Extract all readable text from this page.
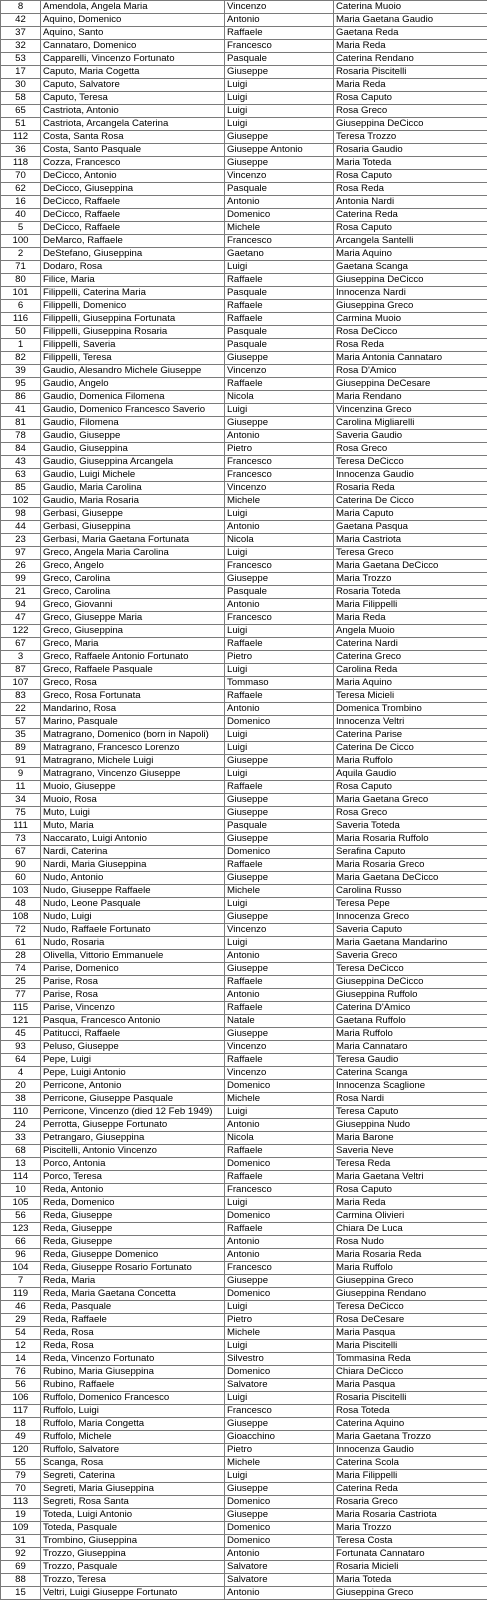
8	Amendola, Angela Maria	Vincenzo	Caterina Muoio
42	Aquino, Domenico	Antonio	Maria Gaetana Gaudio
37	Aquino, Santo	Raffaele	Gaetana Reda
32	Cannataro, Domenico	Francesco	Maria Reda
53	Capparelli, Vincenzo Fortunato	Pasquale	Caterina Rendano
17	Caputo, Maria Cogetta	Giuseppe	Rosaria Piscitelli
30	Caputo, Salvatore	Luigi	Maria Reda
58	Caputo, Teresa	Luigi	Rosa Caputo
65	Castriota, Antonio	Luigi	Rosa Greco
51	Castriota, Arcangela Caterina	Luigi	Giuseppina DeCicco
112	Costa, Santa Rosa	Giuseppe	Teresa Trozzo
36	Costa, Santo Pasquale	Giuseppe Antonio	Rosaria Gaudio
118	Cozza, Francesco	Giuseppe	Maria Toteda
70	DeCicco, Antonio	Vincenzo	Rosa Caputo
62	DeCicco, Giuseppina	Pasquale	Rosa Reda
16	DeCicco, Raffaele	Antonio	Antonia Nardi
40	DeCicco, Raffaele	Domenico	Caterina Reda
5	DeCicco, Raffaele	Michele	Rosa Caputo
100	DeMarco, Raffaele	Francesco	Arcangela Santelli
2	DeStefano, Giuseppina	Gaetano	Maria Aquino
71	Dodaro, Rosa	Luigi	Gaetana Scanga
80	Filice, Maria	Raffaele	Giuseppina DeCicco
101	Filippelli, Caterina Maria	Pasquale	Innocenza Nardi
6	Filippelli, Domenico	Raffaele	Giuseppina Greco
116	Filippelli, Giuseppina Fortunata	Raffaele	Carmina Muoio
50	Filippelli, Giuseppina Rosaria	Pasquale	Rosa DeCicco
1	Filippelli, Saveria	Pasquale	Rosa Reda
82	Filippelli, Teresa	Giuseppe	Maria Antonia Cannataro
39	Gaudio, Alesandro Michele Giuseppe	Vincenzo	Rosa D'Amico
95	Gaudio, Angelo	Raffaele	Giuseppina DeCesare
86	Gaudio, Domenica Filomena	Nicola	Maria Rendano
41	Gaudio, Domenico Francesco Saverio	Luigi	Vincenzina Greco
81	Gaudio, Filomena	Giuseppe	Carolina Migliarelli
78	Gaudio, Giuseppe	Antonio	Saveria Gaudio
84	Gaudio, Giuseppina	Pietro	Rosa Greco
43	Gaudio, Giuseppina Arcangela	Francesco	Teresa DeCicco
63	Gaudio, Luigi Michele	Francesco	Innocenza Gaudio
85	Gaudio, Maria Carolina	Vincenzo	Rosaria Reda
102	Gaudio, Maria Rosaria	Michele	Caterina De Cicco
98	Gerbasi, Giuseppe	Luigi	Maria Caputo
44	Gerbasi, Giuseppina	Antonio	Gaetana Pasqua
23	Gerbasi, Maria Gaetana Fortunata	Nicola	Maria Castriota
97	Greco, Angela Maria Carolina	Luigi	Teresa Greco
26	Greco, Angelo	Francesco	Maria Gaetana DeCicco
99	Greco, Carolina	Giuseppe	Maria Trozzo
21	Greco, Carolina	Pasquale	Rosaria Toteda
94	Greco, Giovanni	Antonio	Maria Filippelli
47	Greco, Giuseppe Maria	Francesco	Maria Reda
122	Greco, Giuseppina	Luigi	Angela Muoio
67	Greco, Maria	Raffaele	Caterina Nardi
3	Greco, Raffaele Antonio Fortunato	Pietro	Caterina Greco
87	Greco, Raffaele Pasquale	Luigi	Carolina Reda
107	Greco, Rosa	Tommaso	Maria Aquino
83	Greco, Rosa Fortunata	Raffaele	Teresa Micieli
22	Mandarino, Rosa	Antonio	Domenica Trombino
57	Marino, Pasquale	Domenico	Innocenza Veltri
35	Matragrano, Domenico (born in Napoli)	Luigi	Caterina Parise
89	Matragrano, Francesco Lorenzo	Luigi	Caterina De Cicco
91	Matragrano, Michele Luigi	Giuseppe	Maria Ruffolo
9	Matragrano, Vincenzo Giuseppe	Luigi	Aquila Gaudio
11	Muoio, Giuseppe	Raffaele	Rosa Caputo
34	Muoio, Rosa	Giuseppe	Maria Gaetana Greco
75	Muto, Luigi	Giuseppe	Rosa Greco
111	Muto, Maria	Pasquale	Saveria Toteda
73	Naccarato, Luigi Antonio	Giuseppe	Maria Rosaria Ruffolo
67	Nardi, Caterina	Domenico	Serafina Caputo
90	Nardi, Maria Giuseppina	Raffaele	Maria Rosaria Greco
60	Nudo, Antonio	Giuseppe	Maria Gaetana DeCicco
103	Nudo, Giuseppe Raffaele	Michele	Carolina Russo
48	Nudo, Leone Pasquale	Luigi	Teresa Pepe
108	Nudo, Luigi	Giuseppe	Innocenza Greco
72	Nudo, Raffaele Fortunato	Vincenzo	Saveria Caputo
61	Nudo, Rosaria	Luigi	Maria Gaetana Mandarino
28	Olivella, Vittorio Emmanuele	Antonio	Saveria Greco
74	Parise, Domenico	Giuseppe	Teresa DeCicco
25	Parise, Rosa	Raffaele	Giuseppina DeCicco
77	Parise, Rosa	Antonio	Giuseppina Ruffolo
115	Parise, Vincenzo	Raffaele	Caterina D'Amico
121	Pasqua, Francesco Antonio	Natale	Gaetana Ruffolo
45	Patitucci, Raffaele	Giuseppe	Maria Ruffolo
93	Peluso, Giuseppe	Vincenzo	Maria Cannataro
64	Pepe, Luigi	Raffaele	Teresa Gaudio
4	Pepe, Luigi Antonio	Vincenzo	Caterina Scanga
20	Perricone, Antonio	Domenico	Innocenza Scaglione
38	Perricone, Giuseppe Pasquale	Michele	Rosa Nardi
110	Perricone, Vincenzo (died 12 Feb 1949)	Luigi	Teresa Caputo
24	Perrotta, Giuseppe Fortunato	Antonio	Giuseppina Nudo
33	Petrangaro, Giuseppina	Nicola	Maria Barone
68	Piscitelli, Antonio Vincenzo	Raffaele	Saveria Neve
13	Porco, Antonia	Domenico	Teresa Reda
114	Porco, Teresa	Raffaele	Maria Gaetana Veltri
10	Reda, Antonio	Francesco	Rosa Caputo
105	Reda, Domenico	Luigi	Maria Reda
56	Reda, Giuseppe	Domenico	Carmina Olivieri
123	Reda, Giuseppe	Raffaele	Chiara De Luca
66	Reda, Giuseppe	Antonio	Rosa Nudo
96	Reda, Giuseppe Domenico	Antonio	Maria Rosaria Reda
104	Reda, Giuseppe Rosario Fortunato	Francesco	Maria Ruffolo
7	Reda, Maria	Giuseppe	Giuseppina Greco
119	Reda, Maria Gaetana Concetta	Domenico	Giuseppina Rendano
46	Reda, Pasquale	Luigi	Teresa DeCicco
29	Reda, Raffaele	Pietro	Rosa DeCesare
54	Reda, Rosa	Michele	Maria Pasqua
12	Reda, Rosa	Luigi	Maria Piscitelli
14	Reda, Vincenzo Fortunato	Silvestro	Tommasina Reda
76	Rubino, Maria Giuseppina	Domenico	Chiara DeCicco
56	Rubino, Raffaele	Salvatore	Maria Pasqua
106	Ruffolo, Domenico Francesco	Luigi	Rosaria Piscitelli
117	Ruffolo, Luigi	Francesco	Rosa Toteda
18	Ruffolo, Maria Congetta	Giuseppe	Caterina Aquino
49	Ruffolo, Michele	Gioacchino	Maria Gaetana Trozzo
120	Ruffolo, Salvatore	Pietro	Innocenza Gaudio
55	Scanga, Rosa	Michele	Caterina Scola
79	Segreti, Caterina	Luigi	Maria Filippelli
70	Segreti, Maria Giuseppina	Giuseppe	Caterina Reda
113	Segreti, Rosa Santa	Domenico	Rosaria Greco
19	Toteda, Luigi Antonio	Giuseppe	Maria Rosaria Castriota
109	Toteda, Pasquale	Domenico	Maria Trozzo
31	Trombino, Giuseppina	Domenico	Teresa Costa
92	Trozzo, Giuseppina	Antonio	Fortunata Cannataro
69	Trozzo, Pasquale	Salvatore	Rosaria Micieli
88	Trozzo, Teresa	Salvatore	Maria Toteda
15	Veltri, Luigi Giuseppe Fortunato	Antonio	Giuseppina Greco
